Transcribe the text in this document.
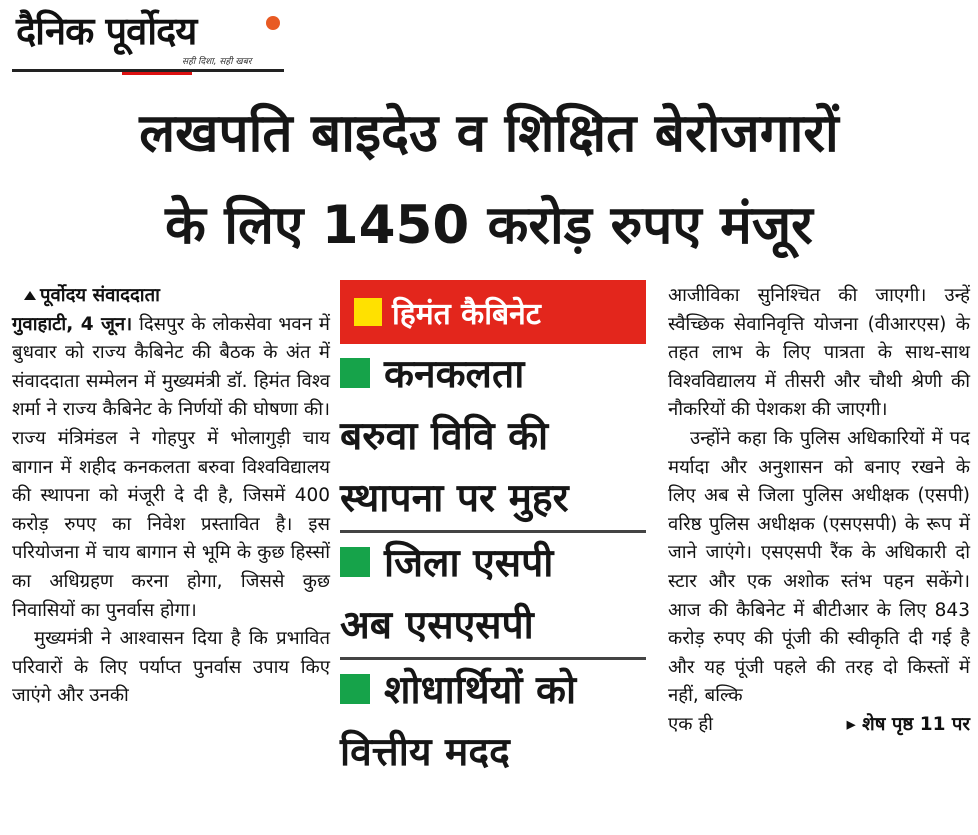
दैनिक पूर्वोदय
सही दिशा, सही खबर
लखपति बाइदेउ व शिक्षित बेरोजगारों
के लिए 1450 करोड़ रुपए मंजूर

पूर्वोदय संवाददाता

गुवाहाटी, 4 जून। दिसपुर के लोकसेवा भवन में बुधवार को राज्य कैबिनेट की बैठक के अंत में संवाददाता सम्मेलन में मुख्यमंत्री डॉ. हिमंत विश्व शर्मा ने राज्य कैबिनेट के निर्णयों की घोषणा की। राज्य मंत्रिमंडल ने गोहपुर में भोलागुड़ी चाय बागान में शहीद कनकलता बरुवा विश्वविद्यालय की स्थापना को मंजूरी दे दी है, जिसमें 400 करोड़ रुपए का निवेश प्रस्तावित है। इस परियोजना में चाय बागान से भूमि के कुछ हिस्सों का अधिग्रहण करना होगा, जिससे कुछ निवासियों का पुनर्वास होगा।

मुख्यमंत्री ने आश्वासन दिया है कि प्रभावित परिवारों के लिए पर्याप्त पुनर्वास उपाय किए जाएंगे और उनकी

हिमंत कैबिनेट
कनकलता
बरुवा विवि की
स्थापना पर मुहर
जिला एसपी
अब एसएसपी
शोधार्थियों को
वित्तीय मदद

आजीविका सुनिश्चित की जाएगी। उन्हें स्वैच्छिक सेवानिवृत्ति योजना (वीआरएस) के तहत लाभ के लिए पात्रता के साथ-साथ विश्वविद्यालय में तीसरी और चौथी श्रेणी की नौकरियों की पेशकश की जाएगी।

उन्होंने कहा कि पुलिस अधिकारियों में पद मर्यादा और अनुशासन को बनाए रखने के लिए अब से जिला पुलिस अधीक्षक (एसपी) वरिष्ठ पुलिस अधीक्षक (एसएसपी) के रूप में जाने जाएंगे। एसएसपी रैंक के अधिकारी दो स्टार और एक अशोक स्तंभ पहन सकेंगे। आज की कैबिनेट में बीटीआर के लिए 843 करोड़ रुपए की पूंजी की स्वीकृति दी गई है और यह पूंजी पहले की तरह दो किस्तों में नहीं, बल्कि

एक ही	▸ शेष पृष्ठ 11 पर
